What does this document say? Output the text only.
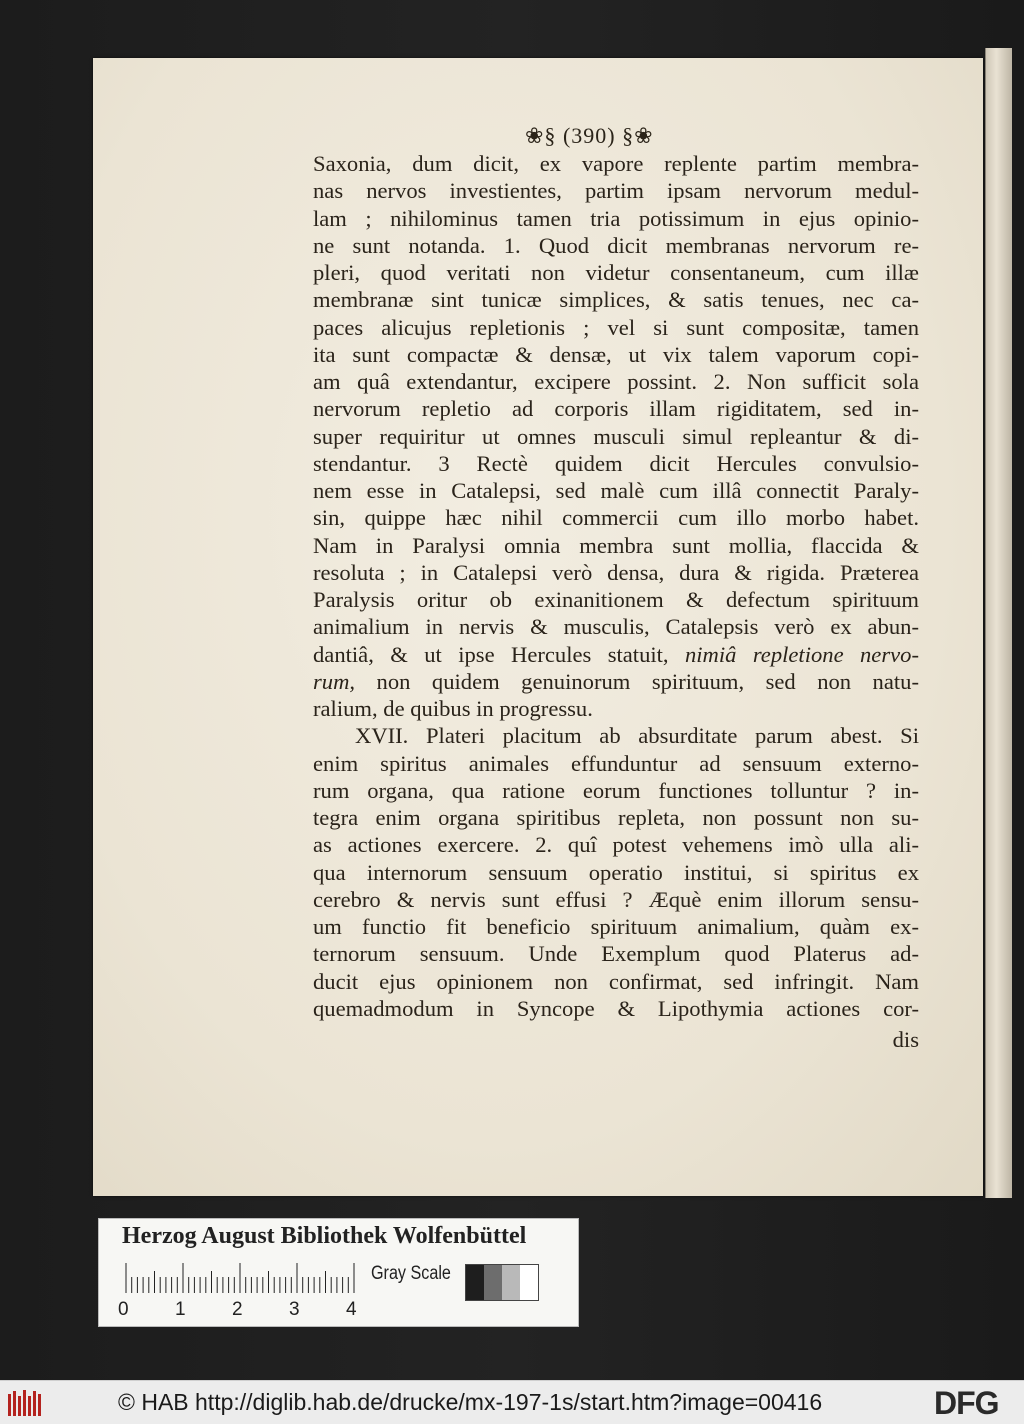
❀§ (390) §❀
Saxonia, dum dicit, ex vapore replente partim membra-
nas nervos investientes, partim ipsam nervorum medul-
lam ; nihilominus tamen tria potissimum in ejus opinio-
ne sunt notanda. 1. Quod dicit membranas nervorum re-
pleri, quod veritati non videtur consentaneum, cum illæ
membranæ sint tunicæ simplices, & satis tenues, nec ca-
paces alicujus repletionis ; vel si sunt compositæ, tamen
ita sunt compactæ & densæ, ut vix talem vaporum copi-
am quâ extendantur, excipere possint. 2. Non sufficit sola
nervorum repletio ad corporis illam rigiditatem, sed in-
super requiritur ut omnes musculi simul repleantur & di-
stendantur. 3 Rectè quidem dicit Hercules convulsio-
nem esse in Catalepsi, sed malè cum illâ connectit Paraly-
sin, quippe hæc nihil commercii cum illo morbo habet.
Nam in Paralysi omnia membra sunt mollia, flaccida &
resoluta ; in Catalepsi verò densa, dura & rigida. Præterea
Paralysis oritur ob exinanitionem & defectum spirituum
animalium in nervis & musculis, Catalepsis verò ex abun-
dantiâ, & ut ipse Hercules statuit, nimiâ repletione nervo-
rum, non quidem genuinorum spirituum, sed non natu-
ralium, de quibus in progressu.
XVII. Plateri placitum ab absurditate parum abest. Si
enim spiritus animales effunduntur ad sensuum externo-
rum organa, qua ratione eorum functiones tolluntur ? in-
tegra enim organa spiritibus repleta, non possunt non su-
as actiones exercere. 2. quî potest vehemens imò ulla ali-
qua internorum sensuum operatio institui, si spiritus ex
cerebro & nervis sunt effusi ? Æquè enim illorum sensu-
um functio fit beneficio spirituum animalium, quàm ex-
ternorum sensuum. Unde Exemplum quod Platerus ad-
ducit ejus opinionem non confirmat, sed infringit. Nam
quemadmodum in Syncope & Lipothymia actiones cor-
dis
Herzog August Bibliothek Wolfenbüttel
0 1 2 3 4
Gray Scale
© HAB http://diglib.hab.de/drucke/mx-197-1s/start.htm?image=00416	DFG
